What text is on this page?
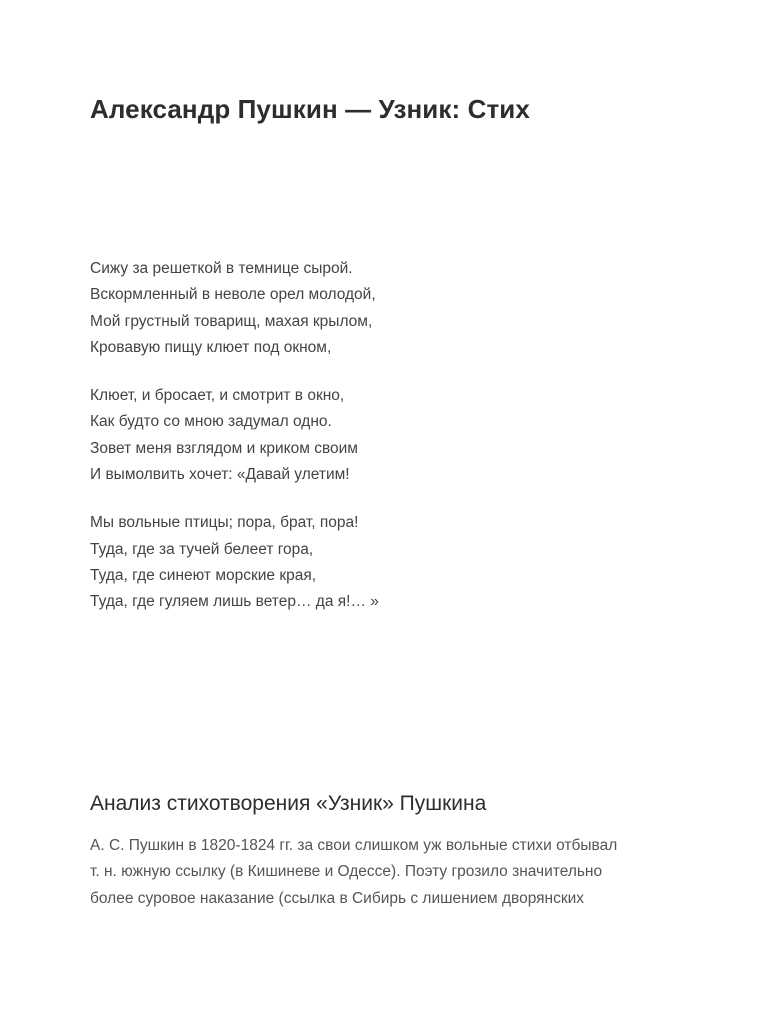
Александр Пушкин — Узник: Стих
Сижу за решеткой в темнице сырой.
Вскормленный в неволе орел молодой,
Мой грустный товарищ, махая крылом,
Кровавую пищу клюет под окном,
Клюет, и бросает, и смотрит в окно,
Как будто со мною задумал одно.
Зовет меня взглядом и криком своим
И вымолвить хочет: «Давай улетим!
Мы вольные птицы; пора, брат, пора!
Туда, где за тучей белеет гора,
Туда, где синеют морские края,
Туда, где гуляем лишь ветер… да я!… »
Анализ стихотворения «Узник» Пушкина
А. С. Пушкин в 1820-1824 гг. за свои слишком уж вольные стихи отбывал
т. н. южную ссылку (в Кишиневе и Одессе). Поэту грозило значительно
более суровое наказание (ссылка в Сибирь с лишением дворянских
